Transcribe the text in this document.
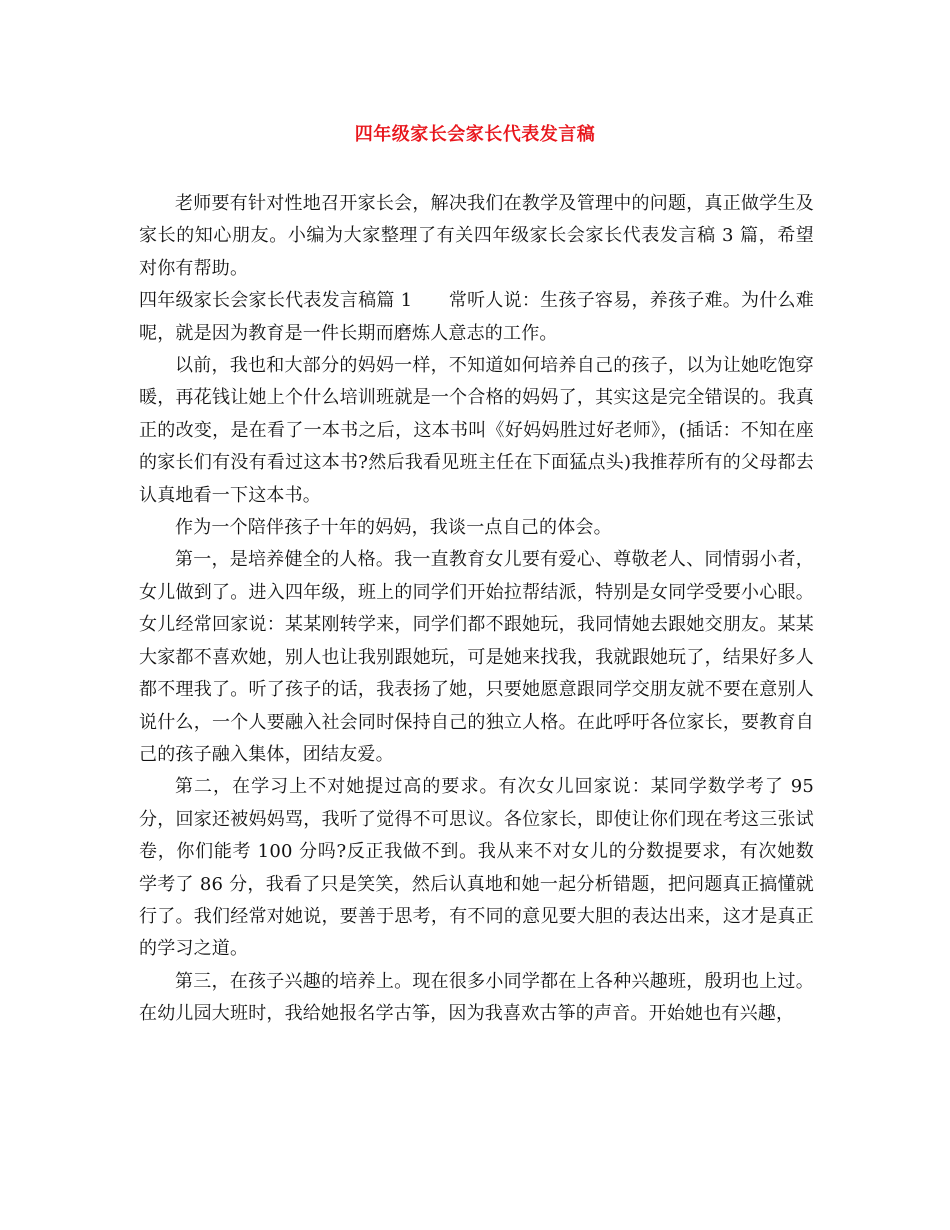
四年级家长会家长代表发言稿

老师要有针对性地召开家长会，解决我们在教学及管理中的问题，真正做学生及家长的知心朋友。小编为大家整理了有关四年级家长会家长代表发言稿 3 篇，希望对你有帮助。

四年级家长会家长代表发言稿篇 1　　常听人说：生孩子容易，养孩子难。为什么难呢，就是因为教育是一件长期而磨炼人意志的工作。

以前，我也和大部分的妈妈一样，不知道如何培养自己的孩子，以为让她吃饱穿暖，再花钱让她上个什么培训班就是一个合格的妈妈了，其实这是完全错误的。我真正的改变，是在看了一本书之后，这本书叫《好妈妈胜过好老师》，(插话：不知在座的家长们有没有看过这本书?然后我看见班主任在下面猛点头)我推荐所有的父母都去认真地看一下这本书。

作为一个陪伴孩子十年的妈妈，我谈一点自己的体会。

第一，是培养健全的人格。我一直教育女儿要有爱心、尊敬老人、同情弱小者，女儿做到了。进入四年级，班上的同学们开始拉帮结派，特别是女同学受要小心眼。女儿经常回家说：某某刚转学来，同学们都不跟她玩，我同情她去跟她交朋友。某某大家都不喜欢她，别人也让我别跟她玩，可是她来找我，我就跟她玩了，结果好多人都不理我了。听了孩子的话，我表扬了她，只要她愿意跟同学交朋友就不要在意别人说什么，一个人要融入社会同时保持自己的独立人格。在此呼吁各位家长，要教育自己的孩子融入集体，团结友爱。

第二，在学习上不对她提过高的要求。有次女儿回家说：某同学数学考了 95 分，回家还被妈妈骂，我听了觉得不可思议。各位家长，即使让你们现在考这三张试卷，你们能考 100 分吗?反正我做不到。我从来不对女儿的分数提要求，有次她数学考了 86 分，我看了只是笑笑，然后认真地和她一起分析错题，把问题真正搞懂就行了。我们经常对她说，要善于思考，有不同的意见要大胆的表达出来，这才是真正的学习之道。

第三，在孩子兴趣的培养上。现在很多小同学都在上各种兴趣班，殷玥也上过。在幼儿园大班时，我给她报名学古筝，因为我喜欢古筝的声音。开始她也有兴趣，
